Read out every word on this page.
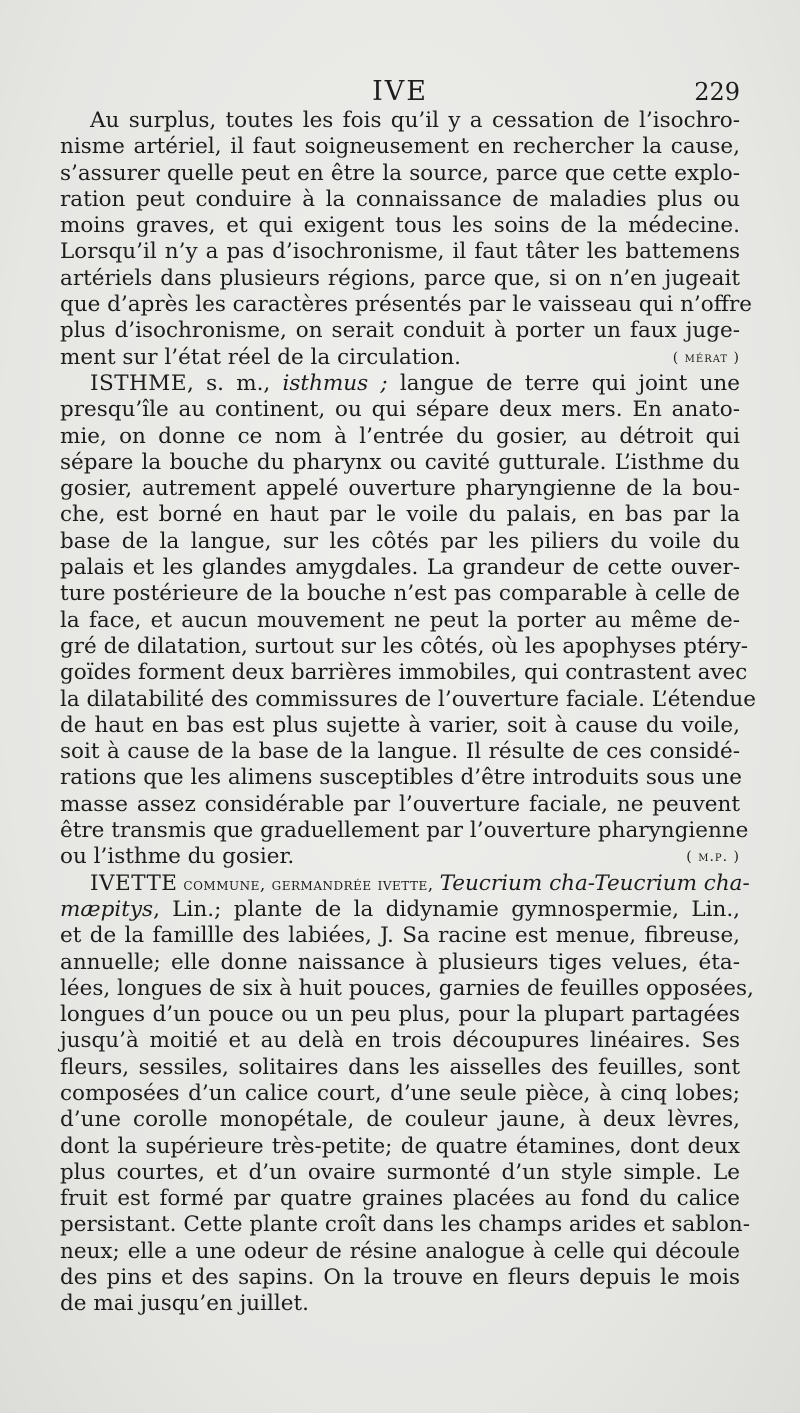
IVE	229
Au surplus, toutes les fois qu’il y a cessation de l’isochro-
nisme artériel, il faut soigneusement en rechercher la cause,
s’assurer quelle peut en être la source, parce que cette explo-
ration peut conduire à la connaissance de maladies plus ou
moins graves, et qui exigent tous les soins de la médecine.
Lorsqu’il n’y a pas d’isochronisme, il faut tâter les battemens
artériels dans plusieurs régions, parce que, si on n’en jugeait
que d’après les caractères présentés par le vaisseau qui n’offre
plus d’isochronisme, on serait conduit à porter un faux juge-
ment sur l’état réel de la circulation.	( mérat )
ISTHME, s. m., isthmus ; langue de terre qui joint une
presqu’île au continent, ou qui sépare deux mers. En anato-
mie, on donne ce nom à l’entrée du gosier, au détroit qui
sépare la bouche du pharynx ou cavité gutturale. L’isthme du
gosier, autrement appelé ouverture pharyngienne de la bou-
che, est borné en haut par le voile du palais, en bas par la
base de la langue, sur les côtés par les piliers du voile du
palais et les glandes amygdales. La grandeur de cette ouver-
ture postérieure de la bouche n’est pas comparable à celle de
la face, et aucun mouvement ne peut la porter au même de-
gré de dilatation, surtout sur les côtés, où les apophyses ptéry-
goïdes forment deux barrières immobiles, qui contrastent avec
la dilatabilité des commissures de l’ouverture faciale. L’étendue
de haut en bas est plus sujette à varier, soit à cause du voile,
soit à cause de la base de la langue. Il résulte de ces considé-
rations que les alimens susceptibles d’être introduits sous une
masse assez considérable par l’ouverture faciale, ne peuvent
être transmis que graduellement par l’ouverture pharyngienne
ou l’isthme du gosier.	( m.p. )
IVETTE commune, germandrée ivette, Teucrium cha-Teucrium cha-
mæpitys, Lin.; plante de la didynamie gymnospermie, Lin.,
et de la famillle des labiées, J. Sa racine est menue, fibreuse,
annuelle; elle donne naissance à plusieurs tiges velues, éta-
lées, longues de six à huit pouces, garnies de feuilles opposées,
longues d’un pouce ou un peu plus, pour la plupart partagées
jusqu’à moitié et au delà en trois découpures linéaires. Ses
fleurs, sessiles, solitaires dans les aisselles des feuilles, sont
composées d’un calice court, d’une seule pièce, à cinq lobes;
d’une corolle monopétale, de couleur jaune, à deux lèvres,
dont la supérieure très-petite; de quatre étamines, dont deux
plus courtes, et d’un ovaire surmonté d’un style simple. Le
fruit est formé par quatre graines placées au fond du calice
persistant. Cette plante croît dans les champs arides et sablon-
neux; elle a une odeur de résine analogue à celle qui découle
des pins et des sapins. On la trouve en fleurs depuis le mois
de mai jusqu’en juillet.
